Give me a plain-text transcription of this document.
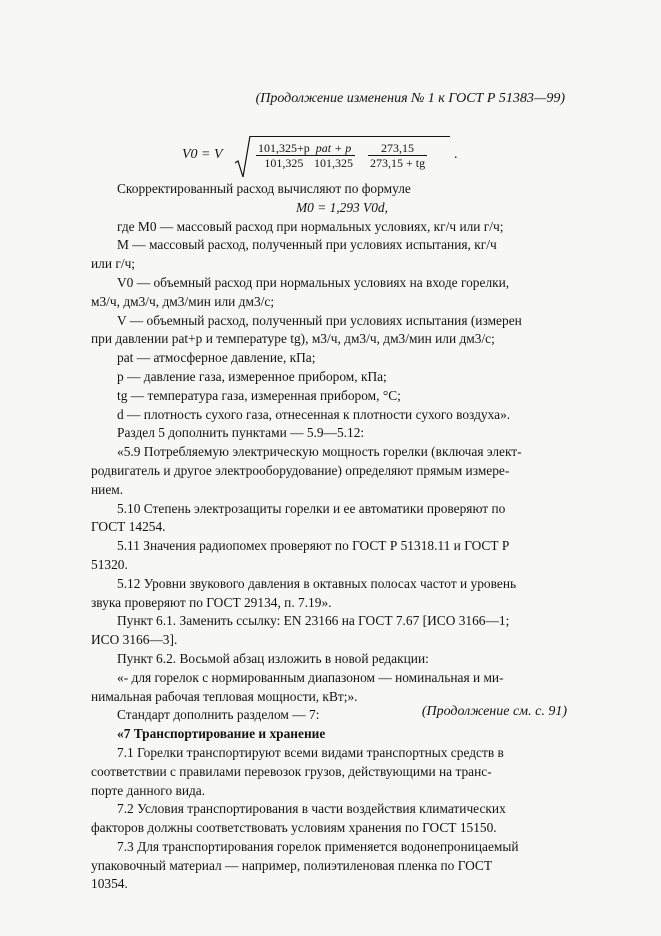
(Продолжение изменения № 1 к ГОСТ Р 51383—99)
V0 = V	$\frac{101,325+p}{101,325}$ pat + p
$101,325 \frac{273,15}{273,15 + tg}$ .
Скорректированный расход вычисляют по формуле
M0 = 1,293 V0d,
где M0 — массовый расход при нормальных условиях, кг/ч или г/ч;
M — массовый расход, полученный при условиях испытания, кг/ч
или г/ч;
V0 — объемный расход при нормальных условиях на входе горелки,
м3/ч, дм3/ч, дм3/мин или дм3/с;
V — объемный расход, полученный при условиях испытания (измерен
при давлении pat+p и температуре tg), м3/ч, дм3/ч, дм3/мин или дм3/с;
pat — атмосферное давление, кПа;
p — давление газа, измеренное прибором, кПа;
tg — температура газа, измеренная прибором, °С;
d — плотность сухого газа, отнесенная к плотности сухого воздуха».
Раздел 5 дополнить пунктами — 5.9—5.12:
«5.9 Потребляемую электрическую мощность горелки (включая элект-
родвигатель и другое электрооборудование) определяют прямым измере-
нием.
5.10 Степень электрозащиты горелки и ее автоматики проверяют по
ГОСТ 14254.
5.11 Значения радиопомех проверяют по ГОСТ Р 51318.11 и ГОСТ Р
51320.
5.12 Уровни звукового давления в октавных полосах частот и уровень
звука проверяют по ГОСТ 29134, п. 7.19».
Пункт 6.1. Заменить ссылку: EN 23166 на ГОСТ 7.67 [ИСО 3166—1;
ИСО 3166—3].
Пункт 6.2. Восьмой абзац изложить в новой редакции:
«- для горелок с нормированным диапазоном — номинальная и ми-
нимальная рабочая тепловая мощности, кВт;».
Стандарт дополнить разделом — 7:
«7 Транспортирование и хранение
7.1 Горелки транспортируют всеми видами транспортных средств в
соответствии с правилами перевозок грузов, действующими на транс-
порте данного вида.
7.2 Условия транспортирования в части воздействия климатических
факторов должны соответствовать условиям хранения по ГОСТ 15150.
7.3 Для транспортирования горелок применяется водонепроницаемый
упаковочный материал — например, полиэтиленовая пленка по ГОСТ
10354.
(Продолжение см. с. 91)
